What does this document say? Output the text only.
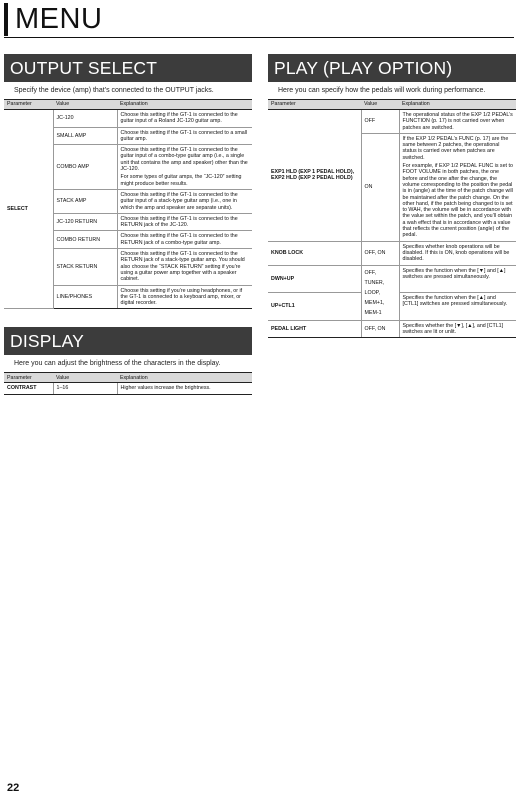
MENU
OUTPUT SELECT
Specify the device (amp) that’s connected to the OUTPUT jacks.
Parameter	Value	Explanation
SELECT	JC-120	Choose this setting if the GT-1 is connected to the guitar input of a Roland JC-120 guitar amp.

	SMALL AMP	Choose this setting if the GT-1 is connected to a small guitar amp.

	COMBO AMP	Choose this setting if the GT-1 is connected to the guitar input of a combo-type guitar amp (i.e., a single unit that contains the amp and speaker) other than the JC-120.

For some types of guitar amps, the “JC-120” setting might produce better results.

	STACK AMP	Choose this setting if the GT-1 is connected to the guitar input of a stack-type guitar amp (i.e., one in which the amp and speaker are separate units).

	JC-120 RETURN	Choose this setting if the GT-1 is connected to the RETURN jack of the JC-120.

	COMBO RETURN	Choose this setting if the GT-1 is connected to the RETURN jack of a combo-type guitar amp.

	STACK RETURN	Choose this setting if the GT-1 is connected to the RETURN jack of a stack-type guitar amp. You should also choose the “STACK RETURN” setting if you’re using a guitar power amp together with a speaker cabinet.

	LINE/PHONES	Choose this setting if you’re using headphones, or if the GT-1 is connected to a keyboard amp, mixer, or digital recorder.

DISPLAY
Here you can adjust the brightness of the characters in the display.
Parameter	Value	Explanation
CONTRAST	1–16	Higher values increase the brightness.
PLAY (PLAY OPTION)
Here you can specify how the pedals will work during performance.
Parameter	Value	Explanation

EXP1 HLD (EXP 1 PEDAL HOLD),
EXP2 HLD (EXP 2 PEDAL HOLD)	OFF	The operational status of the EXP 1/2 PEDAL’s FUNCTION (p. 17) is not carried over when patches are switched.

	ON	If the EXP 1/2 PEDAL’s FUNC (p. 17) are the same between 2 patches, the operational status is carried over when patches are switched.

For example, if EXP 1/2 PEDAL FUNC is set to FOOT VOLUME in both patches, the one before and the one after the change, the volume corresponding to the position the pedal is in (angle) at the time of the patch change will be maintained after the patch change. On the other hand, if the patch being changed to is set to WAH, the volume will be in accordance with the value set within the patch, and you’ll obtain a wah effect that is in accordance with a value that reflects the current position (angle) of the pedal.

KNOB LOCK	OFF, ON	Specifies whether knob operations will be disabled. If this is ON, knob operations will be disabled.
DWN+UP	OFF,
TUNER,
LOOP,
MEM+1,
MEM-1	Specifies the function when the [▼] and [▲] switches are pressed simultaneously.
UP+CTL1		Specifies the function when the [▲] and [CTL1] switches are pressed simultaneously.
PEDAL LIGHT	OFF, ON	Specifies whether the [▼], [▲], and [CTL1] switches are lit or unlit.
22
